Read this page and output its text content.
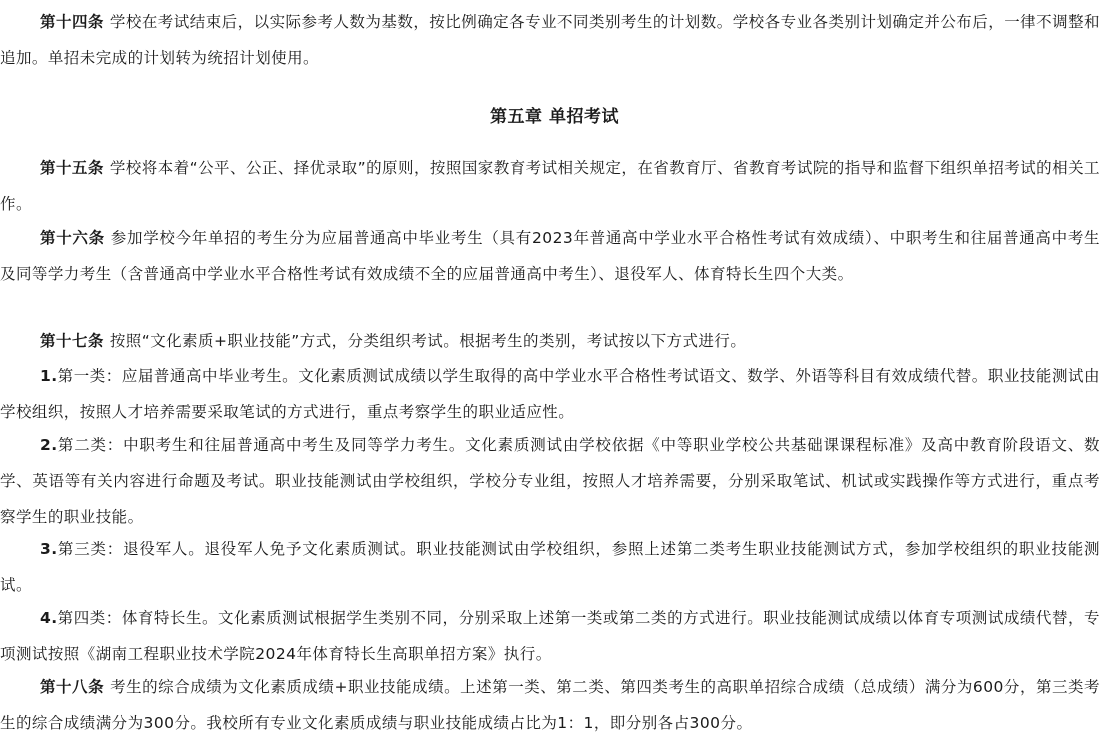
第十四条 学校在考试结束后，以实际参考人数为基数，按比例确定各专业不同类别考生的计划数。学校各专业各类别计划确定并公布后，一律不调整和追加。单招未完成的计划转为统招计划使用。

第五章 单招考试

第十五条 学校将本着“公平、公正、择优录取”的原则，按照国家教育考试相关规定，在省教育厅、省教育考试院的指导和监督下组织单招考试的相关工作。

第十六条 参加学校今年单招的考生分为应届普通高中毕业考生（具有2023年普通高中学业水平合格性考试有效成绩）、中职考生和往届普通高中考生及同等学力考生（含普通高中学业水平合格性考试有效成绩不全的应届普通高中考生）、退役军人、体育特长生四个大类。

第十七条 按照“文化素质+职业技能”方式，分类组织考试。根据考生的类别，考试按以下方式进行。

1.第一类：应届普通高中毕业考生。文化素质测试成绩以学生取得的高中学业水平合格性考试语文、数学、外语等科目有效成绩代替。职业技能测试由学校组织，按照人才培养需要采取笔试的方式进行，重点考察学生的职业适应性。

2.第二类：中职考生和往届普通高中考生及同等学力考生。文化素质测试由学校依据《中等职业学校公共基础课课程标准》及高中教育阶段语文、数学、英语等有关内容进行命题及考试。职业技能测试由学校组织，学校分专业组，按照人才培养需要，分别采取笔试、机试或实践操作等方式进行，重点考察学生的职业技能。

3.第三类：退役军人。退役军人免予文化素质测试。职业技能测试由学校组织，参照上述第二类考生职业技能测试方式，参加学校组织的职业技能测试。

4.第四类：体育特长生。文化素质测试根据学生类别不同，分别采取上述第一类或第二类的方式进行。职业技能测试成绩以体育专项测试成绩代替，专项测试按照《湖南工程职业技术学院2024年体育特长生高职单招方案》执行。

第十八条 考生的综合成绩为文化素质成绩+职业技能成绩。上述第一类、第二类、第四类考生的高职单招综合成绩（总成绩）满分为600分，第三类考生的综合成绩满分为300分。我校所有专业文化素质成绩与职业技能成绩占比为1：1，即分别各占300分。
